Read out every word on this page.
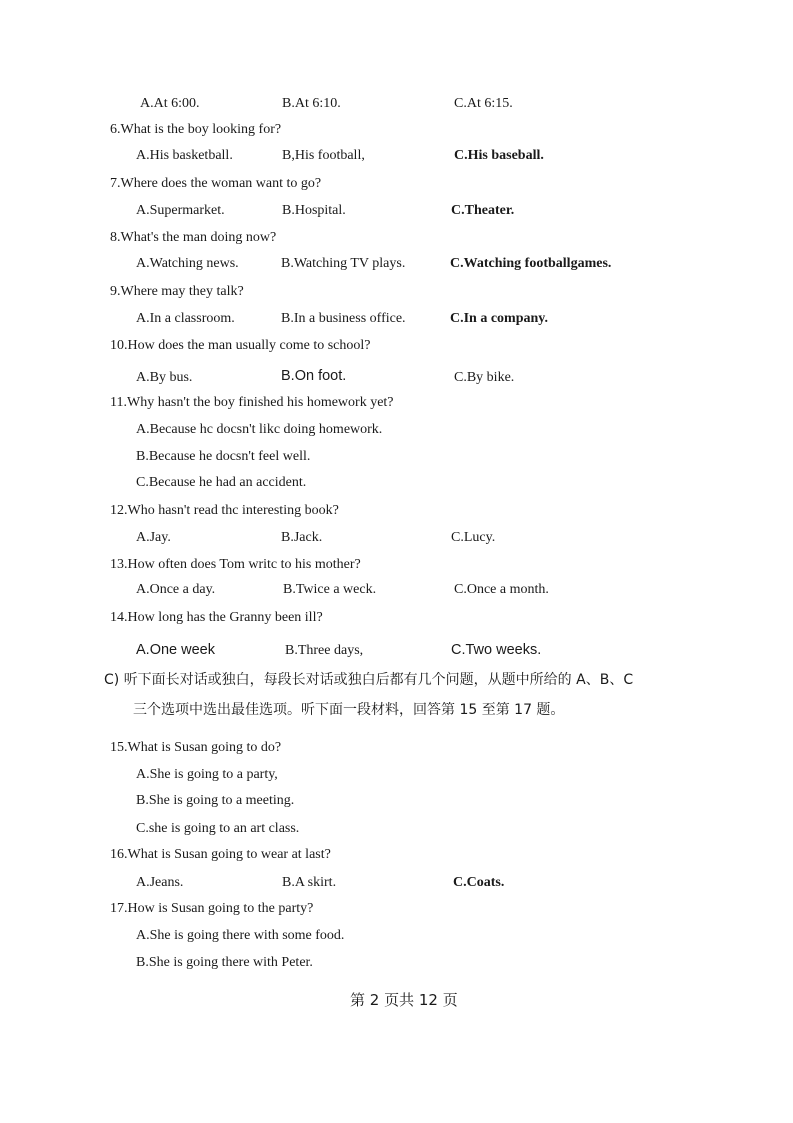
A.At 6:00.	B.At 6:10.	C.At 6:15.
6.What is the boy looking for?
A.His basketball.	B,His football,	C.His baseball.
7.Where does the woman want to go?
A.Supermarket.	B.Hospital.	C.Theater.
8.What's the man doing now?
A.Watching news.	B.Watching TV plays.	C.Watching footballgames.
9.Where may they talk?
A.In a classroom.	B.In a business office.	C.In a company.
10.How does the man usually come to school?
A.By bus.	B.On foot.	C.By bike.
11.Why hasn't the boy finished his homework yet?
A.Because hc docsn't likc doing homework.
B.Because he docsn't feel well.
C.Because he had an accident.
12.Who hasn't read thc interesting book?
A.Jay.	B.Jack.	C.Lucy.
13.How often does Tom writc to his mother?
A.Once a day.	B.Twice a weck.	C.Once a month.
14.How long has the Granny been ill?
A.One week	B.Three days,	C.Two weeks.
C) 听下面长对话或独白，每段长对话或独白后都有几个问题，从题中所给的 A、B、C
三个选项中选出最佳选项。听下面一段材料，回答第 15 至第 17 题。
15.What is Susan going to do?
A.She is going to a party,
B.She is going to a meeting.
C.she is going to an art class.
16.What is Susan going to wear at last?
A.Jeans.	B.A skirt.	C.Coats.
17.How is Susan going to the party?
A.She is going there with some food.
B.She is going there with Peter.
第 2 页共 12 页
